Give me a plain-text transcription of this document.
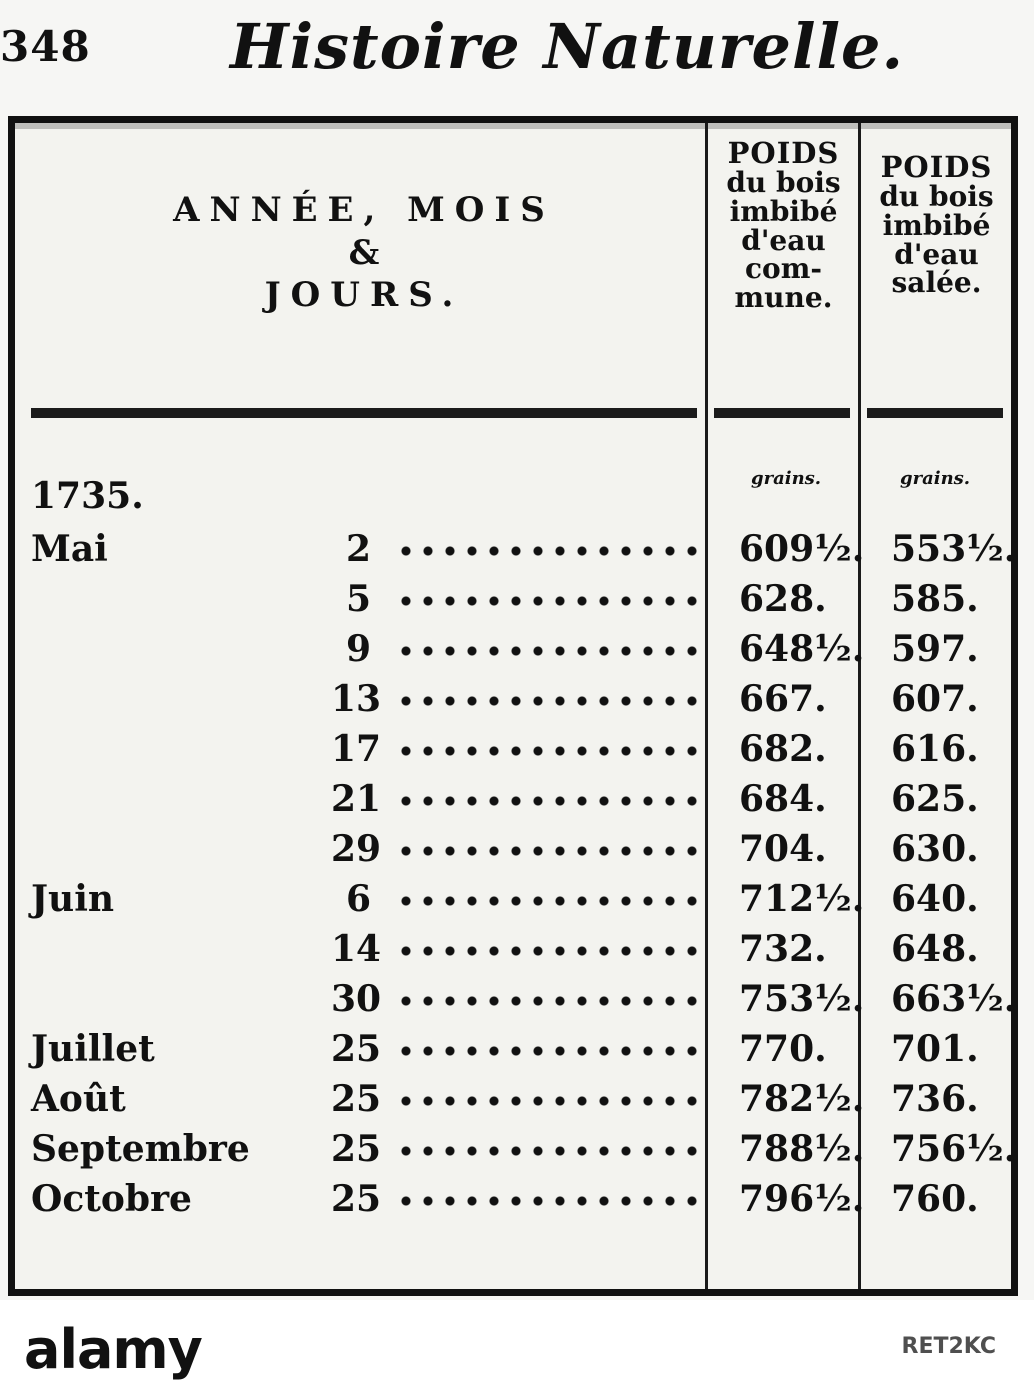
348 Histoire Naturelle.
ANNÉE, MOIS
&
JOURS.
POIDS
du bois
imbibé
d'eau
com-
mune.
POIDS
du bois
imbibé
d'eau
salée.
grains.	grains.
1735.
Mai	2	609½. 553½.
5	628. 585.
9	648½. 597.
13	667. 607.
17	682. 616.
21	684. 625.
29	704. 630.
Juin	6	712½. 640.
14	732. 648.
30	753½. 663½.
Juillet	25	770. 701.
Août	25	782½. 736.
Septembre 25	788½. 756½.
Octobre	25	796½. 760.
alamy	RET2KC
